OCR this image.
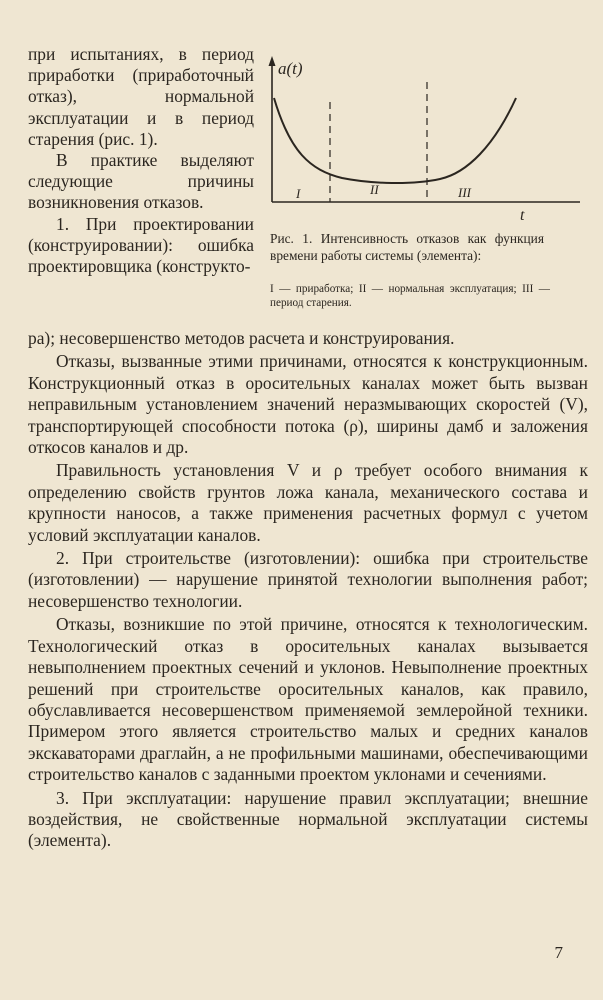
при испытаниях, в период приработки (приработочный отказ), нормальной эксплуатации и в период старения (рис. 1).

В практике выделяют следующие причины возникновения отказов.

1. При проектировании (конструировании): ошибка проектировщика (конструкто-

a(t)
t
I	II	III
Рис. 1. Интенсивность отказов как функция времени работы системы (элемента):
I — приработка; II — нормальная эксплуатация; III — период старения.

ра); несовершенство методов расчета и конструирования.

Отказы, вызванные этими причинами, относятся к конструкционным. Конструкционный отказ в оросительных каналах может быть вызван неправильным установлением значений неразмывающих скоростей (V), транспортирующей способности потока (ρ), ширины дамб и заложения откосов каналов и др.

Правильность установления V и ρ требует особого внимания к определению свойств грунтов ложа канала, механического состава и крупности наносов, а также применения расчетных формул с учетом условий эксплуатации каналов.

2. При строительстве (изготовлении): ошибка при строительстве (изготовлении) — нарушение принятой технологии выполнения работ; несовершенство технологии.

Отказы, возникшие по этой причине, относятся к технологическим. Технологический отказ в оросительных каналах вызывается невыполнением проектных сечений и уклонов. Невыполнение проектных решений при строительстве оросительных каналов, как правило, обуславливается несовершенством применяемой землеройной техники. Примером этого является строительство малых и средних каналов экскаваторами драглайн, а не профильными машинами, обеспечивающими строительство каналов с заданными проектом уклонами и сечениями.

3. При эксплуатации: нарушение правил эксплуатации; внешние воздействия, не свойственные нормальной эксплуатации системы (элемента).

7
